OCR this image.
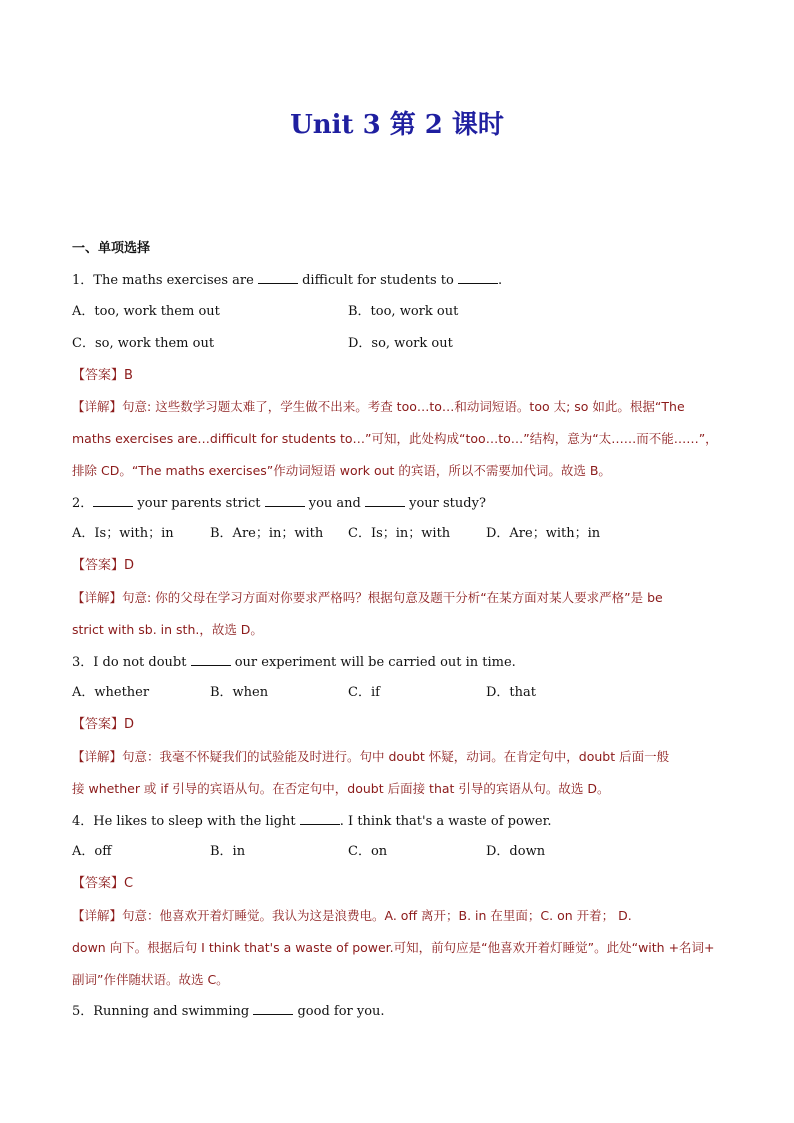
Unit 3 第 2 课时
一、单项选择
1．The maths exercises are	difficult for students to	.
A．too, work them out	B．too, work out
C．so, work them out	D．so, work out
【答案】B
【详解】句意: 这些数学习题太难了，学生做不出来。考查 too…to…和动词短语。too 太; so 如此。根据“The
maths exercises are…difficult for students to…”可知，此处构成“too…to…”结构，意为“太……而不能……”，
排除 CD。“The maths exercises”作动词短语 work out 的宾语，所以不需要加代词。故选 B。
2．	your parents strict	you and	your study?
A．Is；with；in	B．Are；in；with C．Is；in；with	D．Are；with；in
【答案】D
【详解】句意: 你的父母在学习方面对你要求严格吗？根据句意及题干分析“在某方面对某人要求严格”是 be
strict with sb. in sth.，故选 D。
3．I do not doubt	our experiment will be carried out in time.
A．whether	B．when	C．if	D．that
【答案】D
【详解】句意：我毫不怀疑我们的试验能及时进行。句中 doubt 怀疑，动词。在肯定句中，doubt 后面一般
接 whether 或 if 引导的宾语从句。在否定句中，doubt 后面接 that 引导的宾语从句。故选 D。
4．He likes to sleep with the light	. I think that's a waste of power.
A．off	B．in	C．on	D．down
【答案】C
【详解】句意：他喜欢开着灯睡觉。我认为这是浪费电。A. off 离开；B. in 在里面；C. on 开着； D.
down 向下。根据后句 I think that's a waste of power.可知，前句应是“他喜欢开着灯睡觉”。此处“with +名词+
副词”作伴随状语。故选 C。
5．Running and swimming	good for you.
